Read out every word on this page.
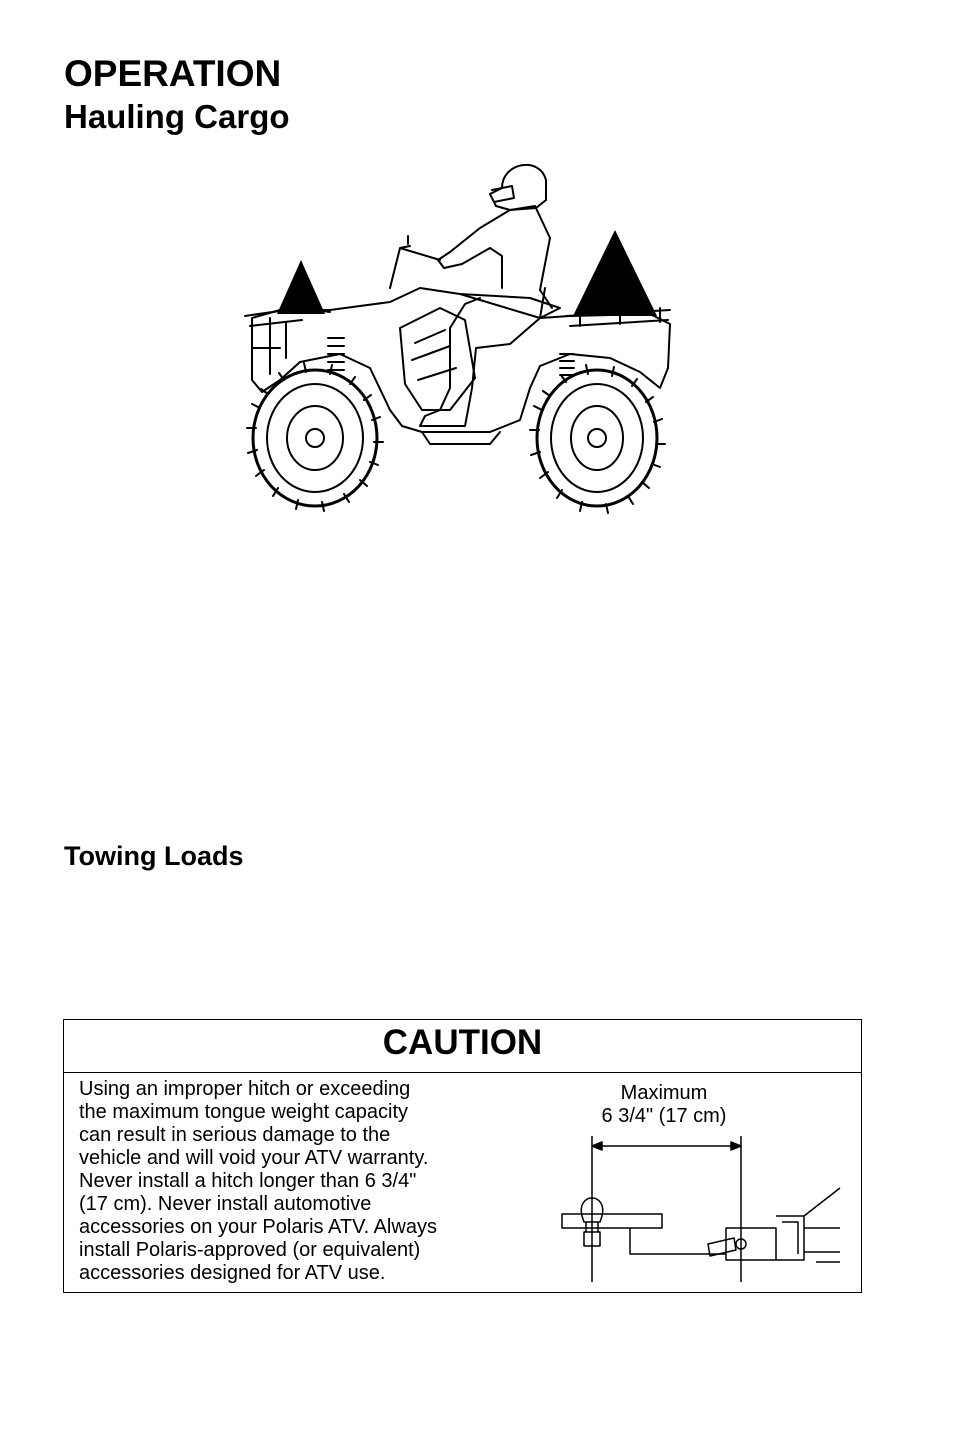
OPERATION
Hauling Cargo
Towing Loads
CAUTION

Using an improper hitch or exceeding
the maximum tongue weight capacity
can result in serious damage to the
vehicle and will void your ATV warranty.
Never install a hitch longer than 6 3/4"
(17 cm). Never install automotive
accessories on your Polaris ATV. Always
install Polaris-approved (or equivalent)
accessories designed for ATV use.

Maximum
6 3/4" (17 cm)
